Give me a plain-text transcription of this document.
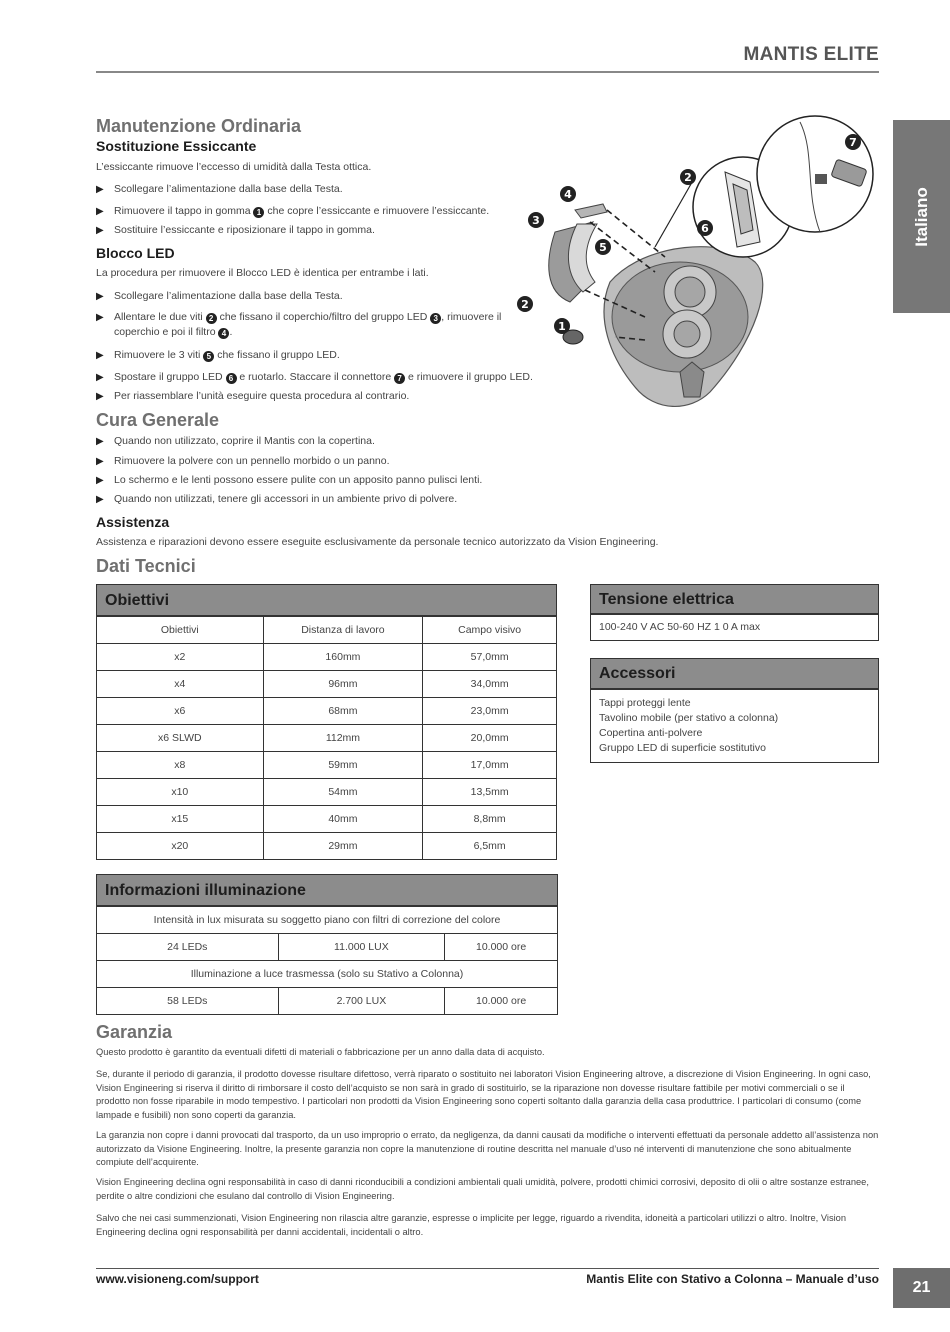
MANTIS ELITE
Italiano
Manutenzione Ordinaria
Sostituzione Essiccante
L’essiccante rimuove l’eccesso di umidità dalla Testa ottica.
▶ Scollegare l’alimentazione dalla base della Testa.
▶ Rimuovere il tappo in gomma 1 che copre l’essiccante e rimuovere l’essiccante.
▶ Sostituire l’essiccante e riposizionare il tappo in gomma.
Blocco LED
La procedura per rimuovere il Blocco LED è identica per entrambe i lati.
▶ Scollegare l’alimentazione dalla base della Testa.
▶ Allentare le due viti 2 che fissano il coperchio/filtro del gruppo LED 3 , rimuovere il
coperchio e poi il filtro 4 .
▶ Rimuovere le 3 viti 5 che fissano il gruppo LED.
▶ Spostare il gruppo LED 6 e ruotarlo. Staccare il connettore 7 e rimuovere il gruppo LED.
▶ Per riassemblare l’unità eseguire questa procedura al contrario.
1
2
3
4
5
6
7
2
Cura Generale
▶ Quando non utilizzato, coprire il Mantis con la copertina.
▶ Rimuovere la polvere con un pennello morbido o un panno.
▶ Lo schermo e le lenti possono essere pulite con un apposito panno pulisci lenti.
▶ Quando non utilizzati, tenere gli accessori in un ambiente privo di polvere.
Assistenza
Assistenza e riparazioni devono essere eseguite esclusivamente da personale tecnico autorizzato da Vision Engineering.
Dati Tecnici
Obiettivi
Obiettivi	Distanza di lavoro	Campo visivo
x2	160mm	57,0mm
x4	96mm	34,0mm
x6	68mm	23,0mm
x6 SLWD	112mm	20,0mm
x8	59mm	17,0mm
x10	54mm	13,5mm
x15	40mm	8,8mm
x20	29mm	6,5mm
Tensione elettrica
100-240 V AC 50-60 HZ 1 0 A max
Accessori
Tappi proteggi lente
Tavolino mobile (per stativo a colonna)
Copertina anti-polvere
Gruppo LED di superficie sostitutivo
Informazioni illuminazione
Intensità in lux misurata su soggetto piano con filtri di correzione del colore		
24 LEDs	11.000 LUX	10.000 ore
Illuminazione a luce trasmessa (solo su Stativo a Colonna)		
58 LEDs	2.700 LUX	10.000 ore
Garanzia
Questo prodotto è garantito da eventuali difetti di materiali o fabbricazione per un anno dalla data di acquisto.
Se, durante il periodo di garanzia, il prodotto dovesse risultare difettoso, verrà riparato o sostituito nei laboratori Vision Engineering altrove, a discrezione di Vision Engineering. In ogni caso, Vision Engineering si riserva il diritto di rimborsare il costo dell’acquisto se non sarà in grado di sostituirlo, se la riparazione non dovesse risultare fattibile per motivi commerciali o se il prodotto non fosse riparabile in modo tempestivo. I particolari non prodotti da Vision Engineering sono coperti soltanto dalla garanzia della casa produttrice. I particolari di consumo (come lampade e fusibili) non sono coperti da garanzia.
La garanzia non copre i danni provocati dal trasporto, da un uso improprio o errato, da negligenza, da danni causati da modifiche o interventi effettuati da personale addetto all’assistenza non autorizzato da Visione Engineering. Inoltre, la presente garanzia non copre la manutenzione di routine descritta nel manuale d’uso né interventi di manutenzione che sono abitualmente compiute dell’acquirente.
Vision Engineering declina ogni responsabilità in caso di danni riconducibili a condizioni ambientali quali umidità, polvere, prodotti chimici corrosivi, deposito di olii o altre sostanze estranee, perdite o altre condizioni che esulano dal controllo di Vision Engineering.
Salvo che nei casi summenzionati, Vision Engineering non rilascia altre garanzie, espresse o implicite per legge, riguardo a rivendita, idoneità a particolari utilizzi o altro. Inoltre, Vision Engineering declina ogni responsabilità per danni accidentali, incidentali o altro.
www.visioneng.com/support	Mantis Elite con Stativo a Colonna – Manuale d’uso	21
